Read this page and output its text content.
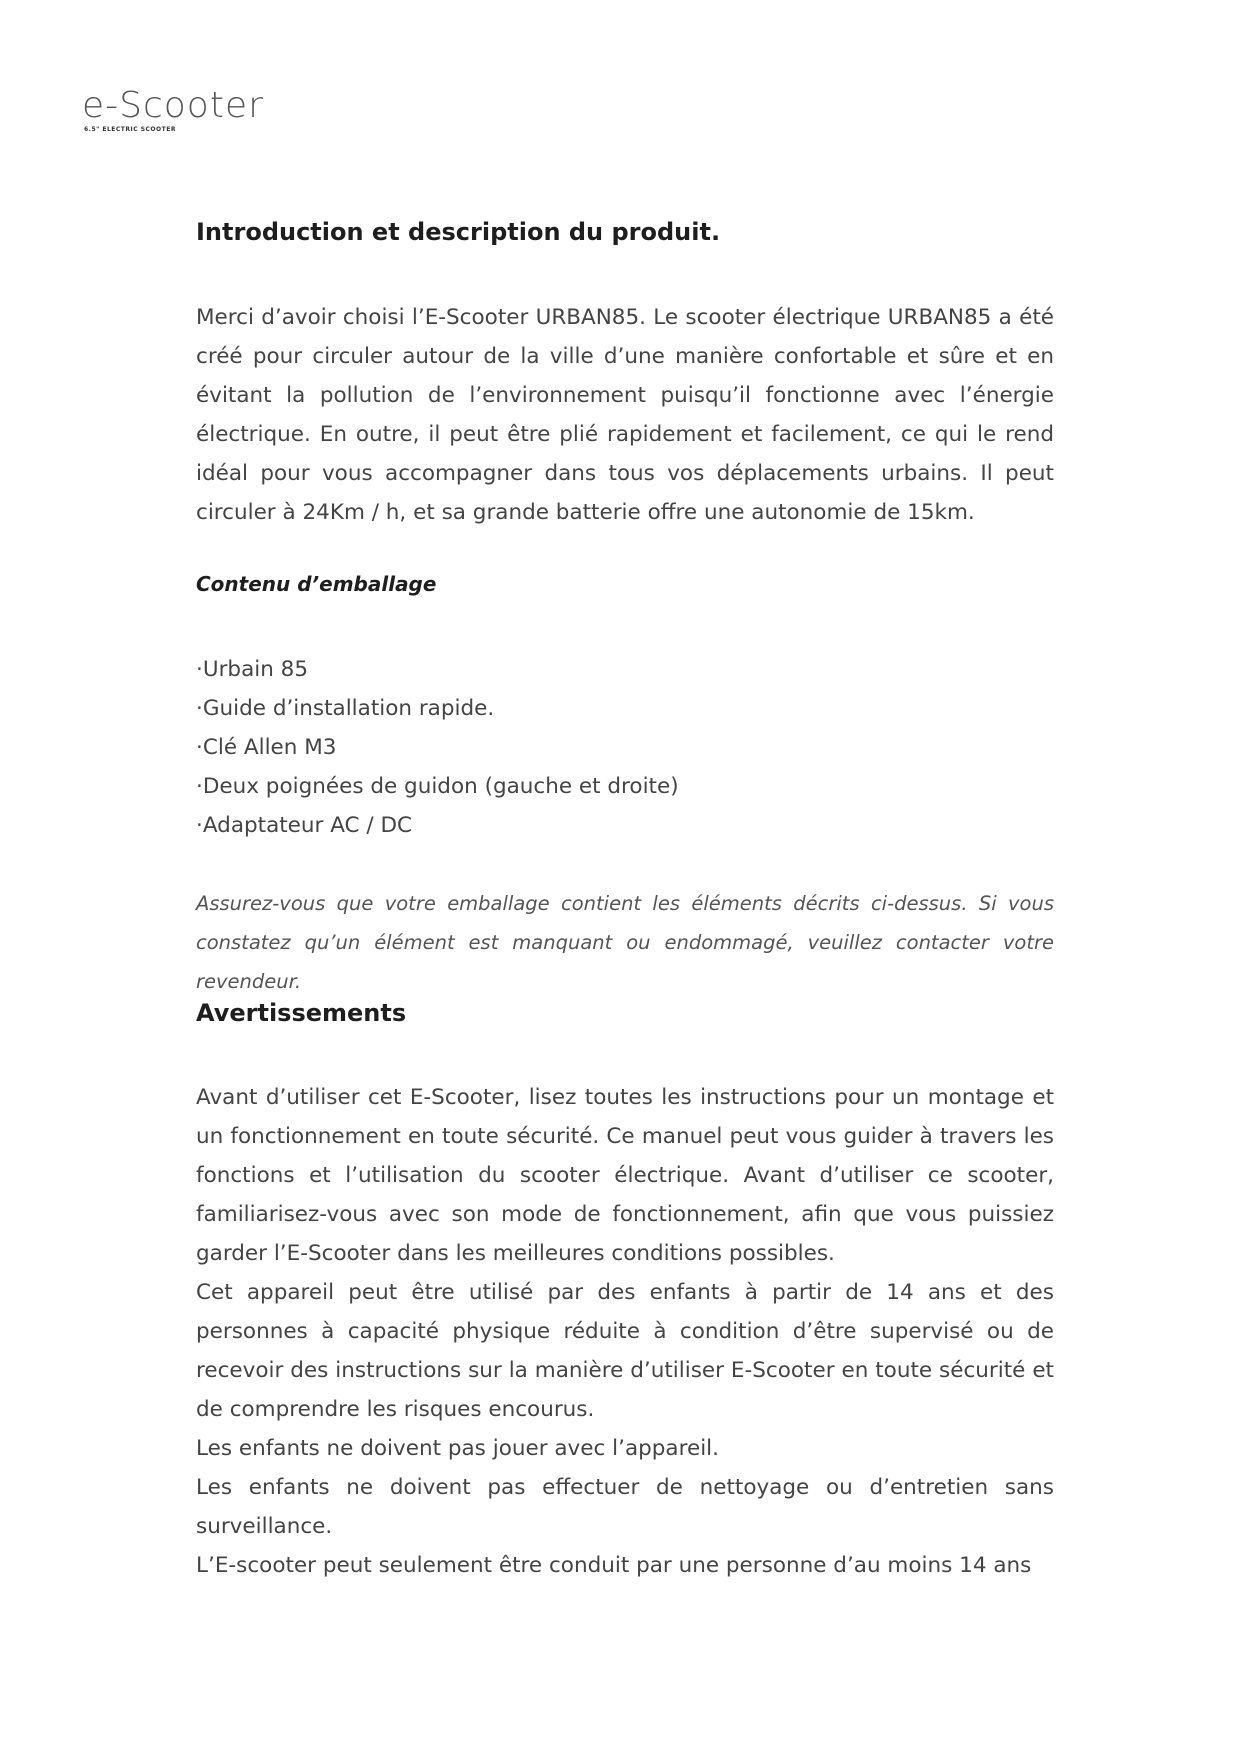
e-Scooter
6.5" ELECTRIC SCOOTER
Introduction et description du produit.

Merci d’avoir choisi l’E-Scooter URBAN85. Le scooter électrique URBAN85 a été créé pour circuler autour de la ville d’une manière confortable et sûre et en évitant la pollution de l’environnement puisqu’il fonctionne avec l’énergie électrique. En outre, il peut être plié rapidement et facilement, ce qui le rend idéal pour vous accompagner dans tous vos déplacements urbains. Il peut circuler à 24Km / h, et sa grande batterie offre une autonomie de 15km.

Contenu d’emballage
· Urbain 85
· Guide d’installation rapide.
· Clé Allen M3
· Deux poignées de guidon (gauche et droite)
· Adaptateur AC / DC

Assurez-vous que votre emballage contient les éléments décrits ci-dessus. Si vous constatez qu’un élément est manquant ou endommagé, veuillez contacter votre revendeur.

Avertissements
Avant d’utiliser cet E-Scooter, lisez toutes les instructions pour un montage et un fonctionnement en toute sécurité. Ce manuel peut vous guider à travers les fonctions et l’utilisation du scooter électrique. Avant d’utiliser ce scooter, familiarisez-vous avec son mode de fonctionnement, afin que vous puissiez garder l’E-Scooter dans les meilleures conditions possibles.
Cet appareil peut être utilisé par des enfants à partir de 14 ans et des personnes à capacité physique réduite à condition d’être supervisé ou de recevoir des instructions sur la manière d’utiliser E-Scooter en toute sécurité et de comprendre les risques encourus.
Les enfants ne doivent pas jouer avec l’appareil.
Les enfants ne doivent pas effectuer de nettoyage ou d’entretien sans surveillance.
L’E-scooter peut seulement être conduit par une personne d’au moins 14 ans
